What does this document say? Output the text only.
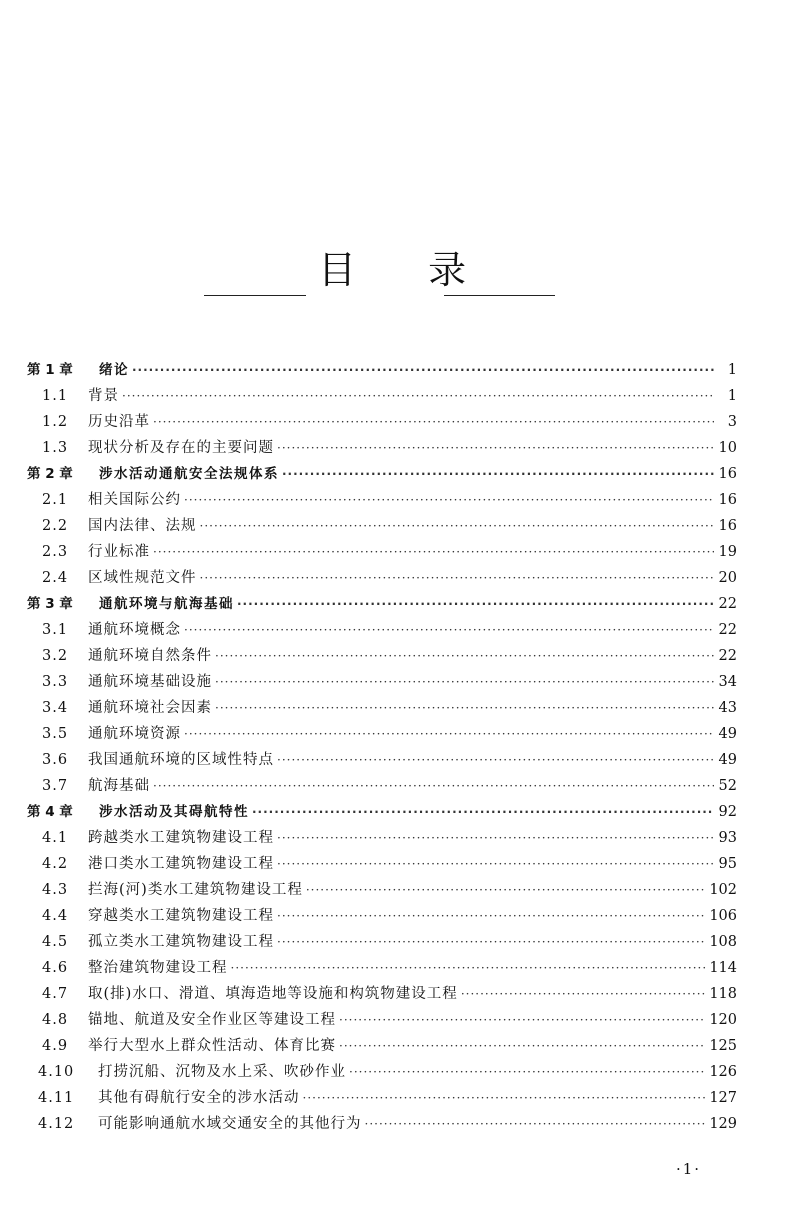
目 录
第 1 章	绪论 ·····	1
1.1	背景 ·····	1
1.2	历史沿革 ·····	3
1.3	现状分析及存在的主要问题 ·····	10
第 2 章	涉水活动通航安全法规体系 ·····	16
2.1	相关国际公约 ·····	16
2.2	国内法律、法规 ·····	16
2.3	行业标准 ·····	19
2.4	区域性规范文件 ·····	20
第 3 章	通航环境与航海基础 ·····	22
3.1	通航环境概念 ·····	22
3.2	通航环境自然条件 ·····	22
3.3	通航环境基础设施 ·····	34
3.4	通航环境社会因素 ·····	43
3.5	通航环境资源 ·····	49
3.6	我国通航环境的区域性特点 ·····	49
3.7	航海基础 ·····	52
第 4 章	涉水活动及其碍航特性 ·····	92
4.1	跨越类水工建筑物建设工程 ·····	93
4.2	港口类水工建筑物建设工程 ·····	95
4.3	拦海(河)类水工建筑物建设工程 ·····	102
4.4	穿越类水工建筑物建设工程 ·····	106
4.5	孤立类水工建筑物建设工程 ·····	108
4.6	整治建筑物建设工程 ·····	114
4.7	取(排)水口、滑道、填海造地等设施和构筑物建设工程 ·····	118
4.8	锚地、航道及安全作业区等建设工程 ·····	120
4.9	举行大型水上群众性活动、体育比赛 ·····	125
4.10	打捞沉船、沉物及水上采、吹砂作业 ·····	126
4.11	其他有碍航行安全的涉水活动 ·····	127
4.12	可能影响通航水域交通安全的其他行为 ·····	129
·1·
